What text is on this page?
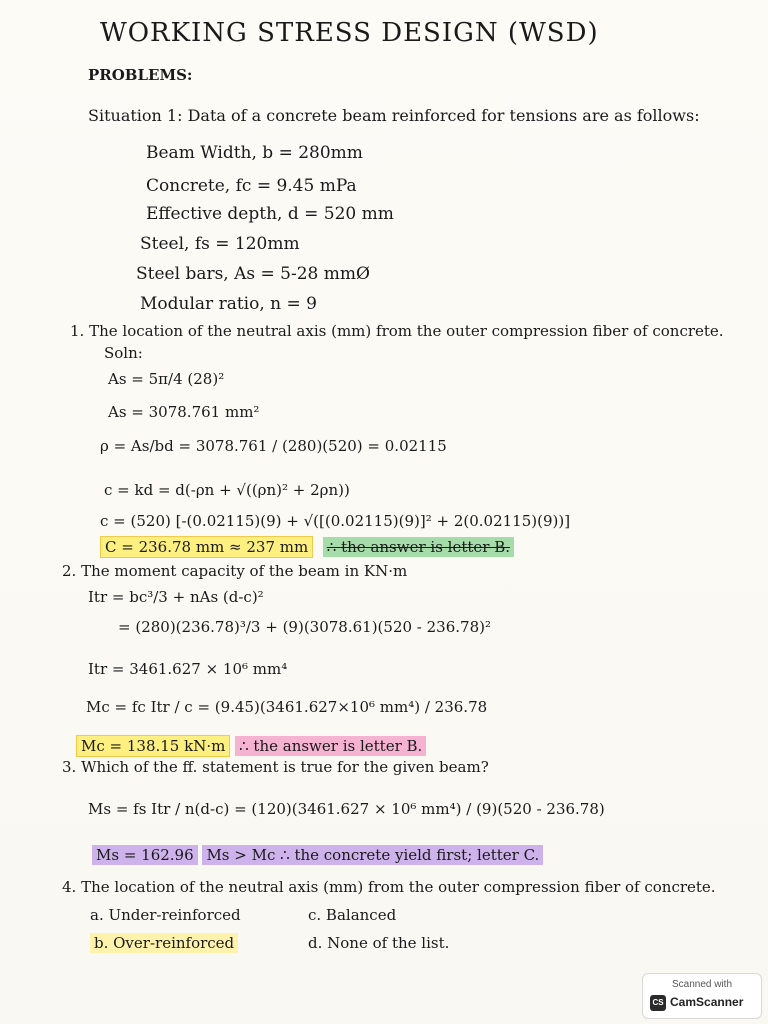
WORKING STRESS DESIGN (WSD)
PROBLEMS:
Situation 1: Data of a concrete beam reinforced for tensions are as follows:
Beam Width, b = 280mm
Concrete, fc = 9.45 mPa
Effective depth, d = 520 mm
Steel, fs = 120mm
Steel bars, As = 5-28 mmØ
Modular ratio, n = 9
1. The location of the neutral axis (mm) from the outer compression fiber of concrete.
Soln:
As = 5π/4 (28)²
As = 3078.761 mm²
ρ = As/bd = 3078.761 / (280)(520) = 0.02115
c = kd = d(-ρn + √((ρn)² + 2ρn))
c = (520) [-(0.02115)(9) + √([(0.02115)(9)]² + 2(0.02115)(9))]
C = 236.78 mm ≈ 237 mm ∴ the answer is letter B.
2. The moment capacity of the beam in KN·m
Itr = bc³/3 + nAs (d-c)²
= (280)(236.78)³/3 + (9)(3078.61)(520 - 236.78)²
Itr = 3461.627 × 10⁶ mm⁴
Mc = fc Itr / c = (9.45)(3461.627×10⁶ mm⁴) / 236.78
Mc = 138.15 kN·m ∴ the answer is letter B.
3. Which of the ff. statement is true for the given beam?
Ms = fs Itr / n(d-c) = (120)(3461.627 × 10⁶ mm⁴) / (9)(520 - 236.78)
Ms = 162.96 Ms > Mc ∴ the concrete yield first; letter C.
4. The location of the neutral axis (mm) from the outer compression fiber of concrete.
a. Under-reinforced	c. Balanced
b. Over-reinforced	d. None of the list.
Scanned with
CS CamScanner
